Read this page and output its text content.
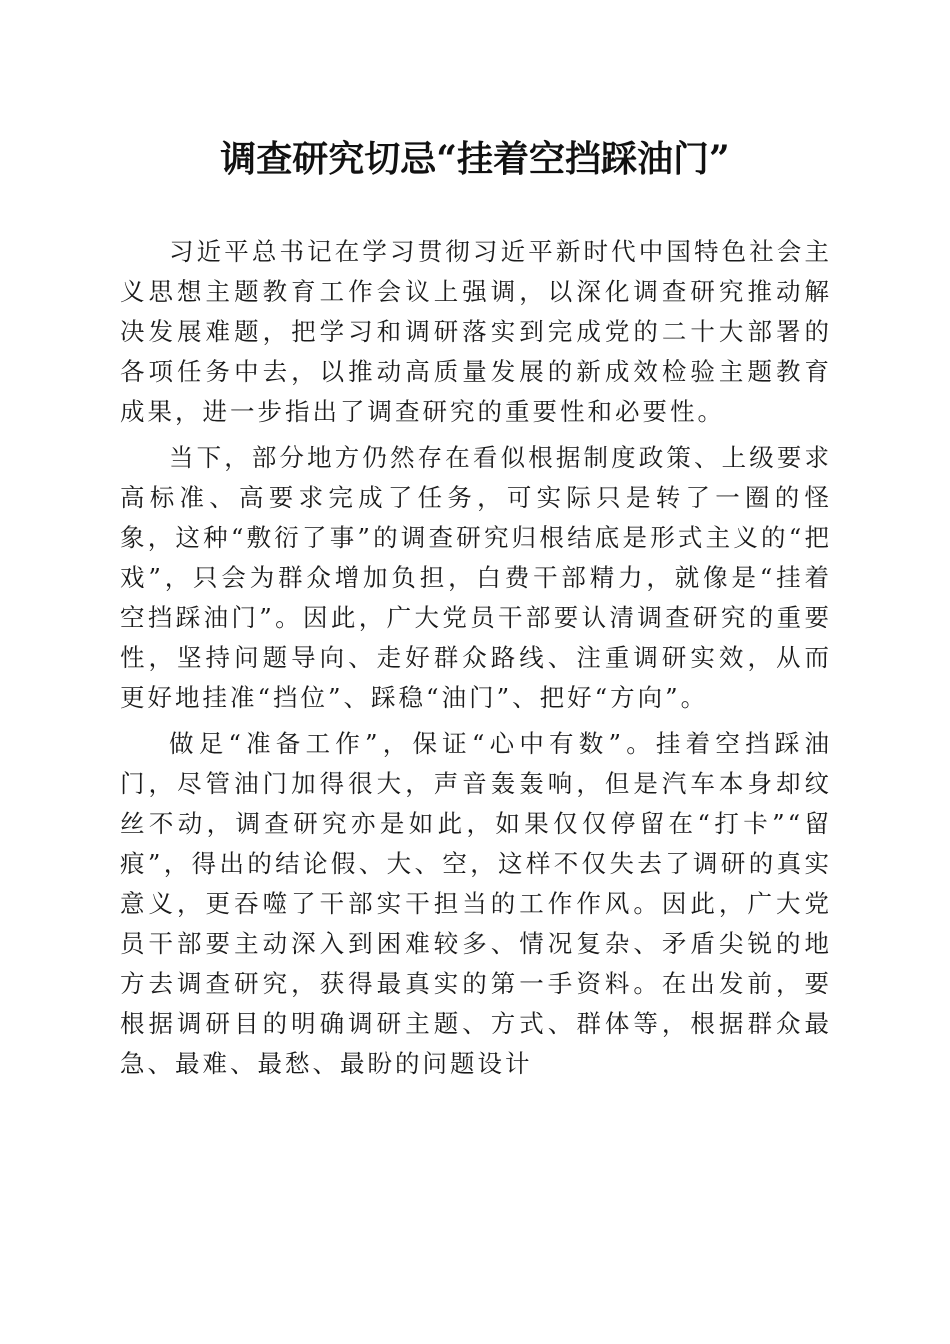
调查研究切忌“挂着空挡踩油门”

习近平总书记在学习贯彻习近平新时代中国特色社会主义思想主题教育工作会议上强调，以深化调查研究推动解决发展难题，把学习和调研落实到完成党的二十大部署的各项任务中去，以推动高质量发展的新成效检验主题教育成果，进一步指出了调查研究的重要性和必要性。

当下，部分地方仍然存在看似根据制度政策、上级要求高标准、高要求完成了任务，可实际只是转了一圈的怪象，这种“敷衍了事”的调查研究归根结底是形式主义的“把戏”，只会为群众增加负担，白费干部精力，就像是“挂着空挡踩油门”。因此，广大党员干部要认清调查研究的重要性，坚持问题导向、走好群众路线、注重调研实效，从而更好地挂准“挡位”、踩稳“油门”、把好“方向”。

做足“准备工作”，保证“心中有数”。挂着空挡踩油门，尽管油门加得很大，声音轰轰响，但是汽车本身却纹丝不动，调查研究亦是如此，如果仅仅停留在“打卡”“留痕”，得出的结论假、大、空，这样不仅失去了调研的真实意义，更吞噬了干部实干担当的工作作风。因此，广大党员干部要主动深入到困难较多、情况复杂、矛盾尖锐的地方去调查研究，获得最真实的第一手资料。在出发前，要根据调研目的明确调研主题、方式、群体等，根据群众最急、最难、最愁、最盼的问题设计
